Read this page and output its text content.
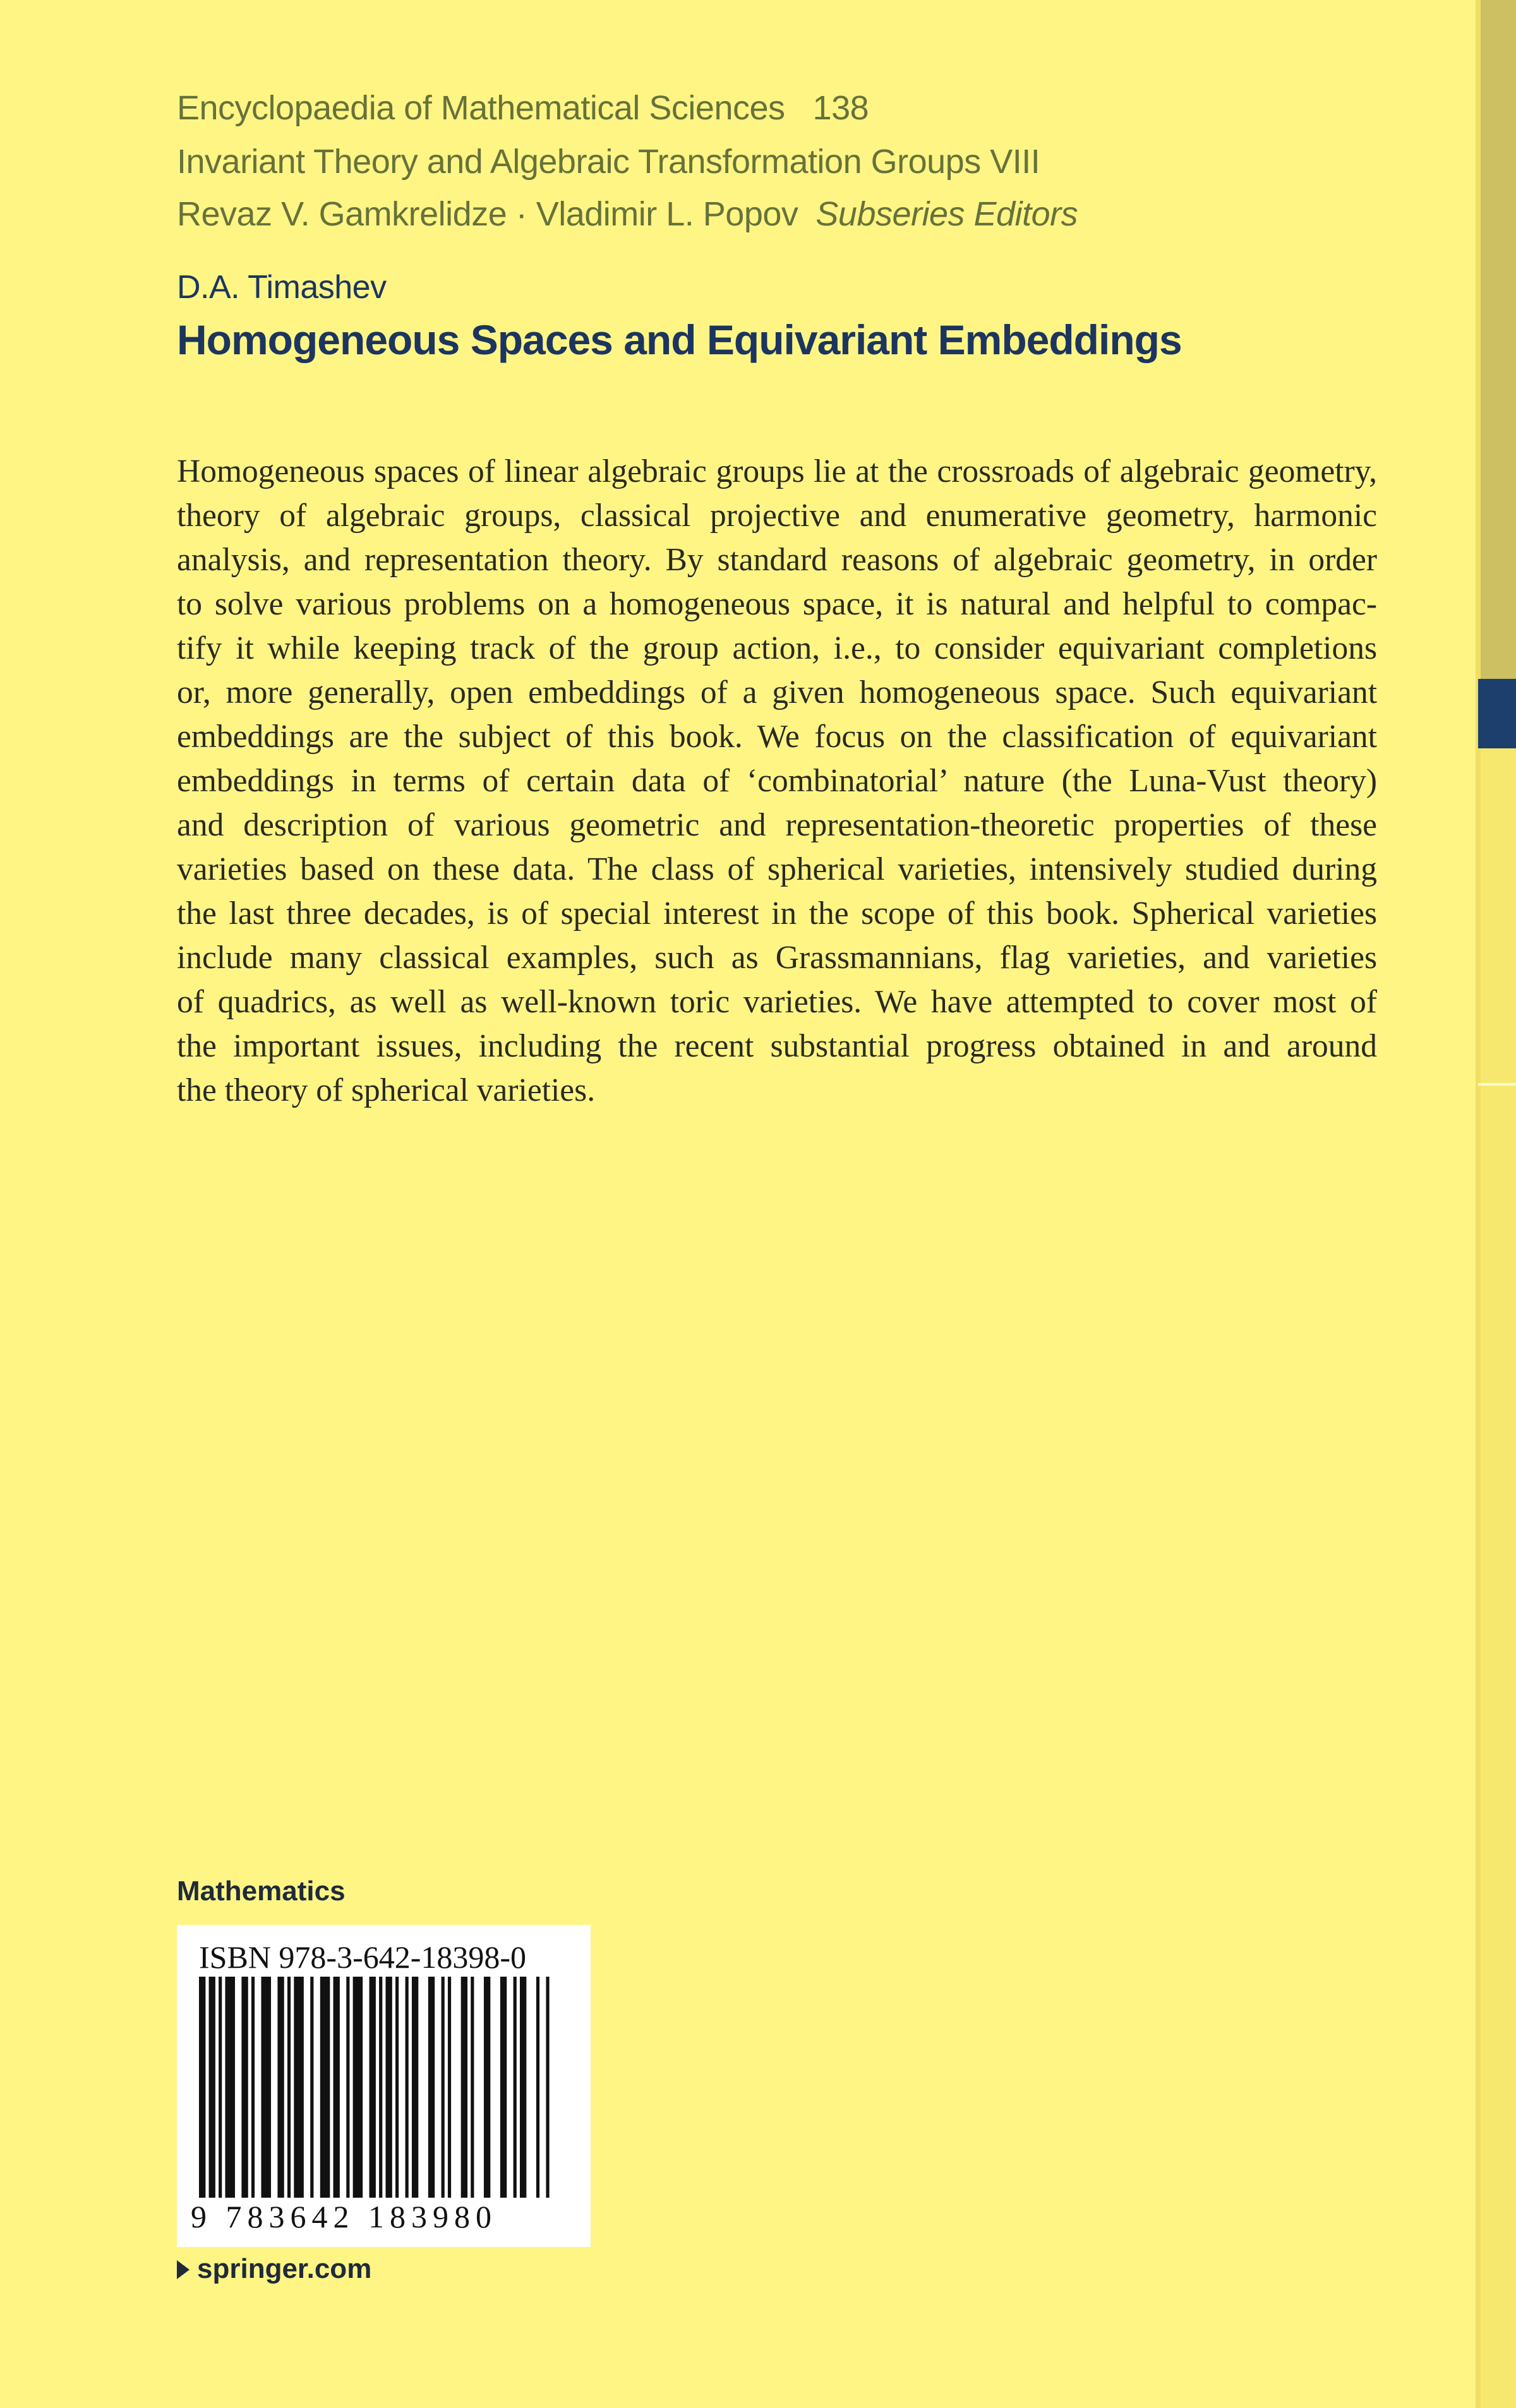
Encyclopaedia of Mathematical Sciences 138
Invariant Theory and Algebraic Transformation Groups VIII
Revaz V. Gamkrelidze · Vladimir L. Popov Subseries Editors
D.A. Timashev
Homogeneous Spaces and Equivariant Embeddings
Homogeneous spaces of linear algebraic groups lie at the crossroads of algebraic geometry,
theory of algebraic groups, classical projective and enumerative geometry, harmonic
analysis, and representation theory. By standard reasons of algebraic geometry, in order
to solve various problems on a homogeneous space, it is natural and helpful to compac-
tify it while keeping track of the group action, i.e., to consider equivariant completions
or, more generally, open embeddings of a given homogeneous space. Such equivariant
embeddings are the subject of this book. We focus on the classification of equivariant
embeddings in terms of certain data of ‘combinatorial’ nature (the Luna-Vust theory)
and description of various geometric and representation-theoretic properties of these
varieties based on these data. The class of spherical varieties, intensively studied during
the last three decades, is of special interest in the scope of this book. Spherical varieties
include many classical examples, such as Grassmannians, flag varieties, and varieties
of quadrics, as well as well-known toric varieties. We have attempted to cover most of
the important issues, including the recent substantial progress obtained in and around
the theory of spherical varieties.
Mathematics
ISBN 978-3-642-18398-0
9 783642 183980
springer.com
